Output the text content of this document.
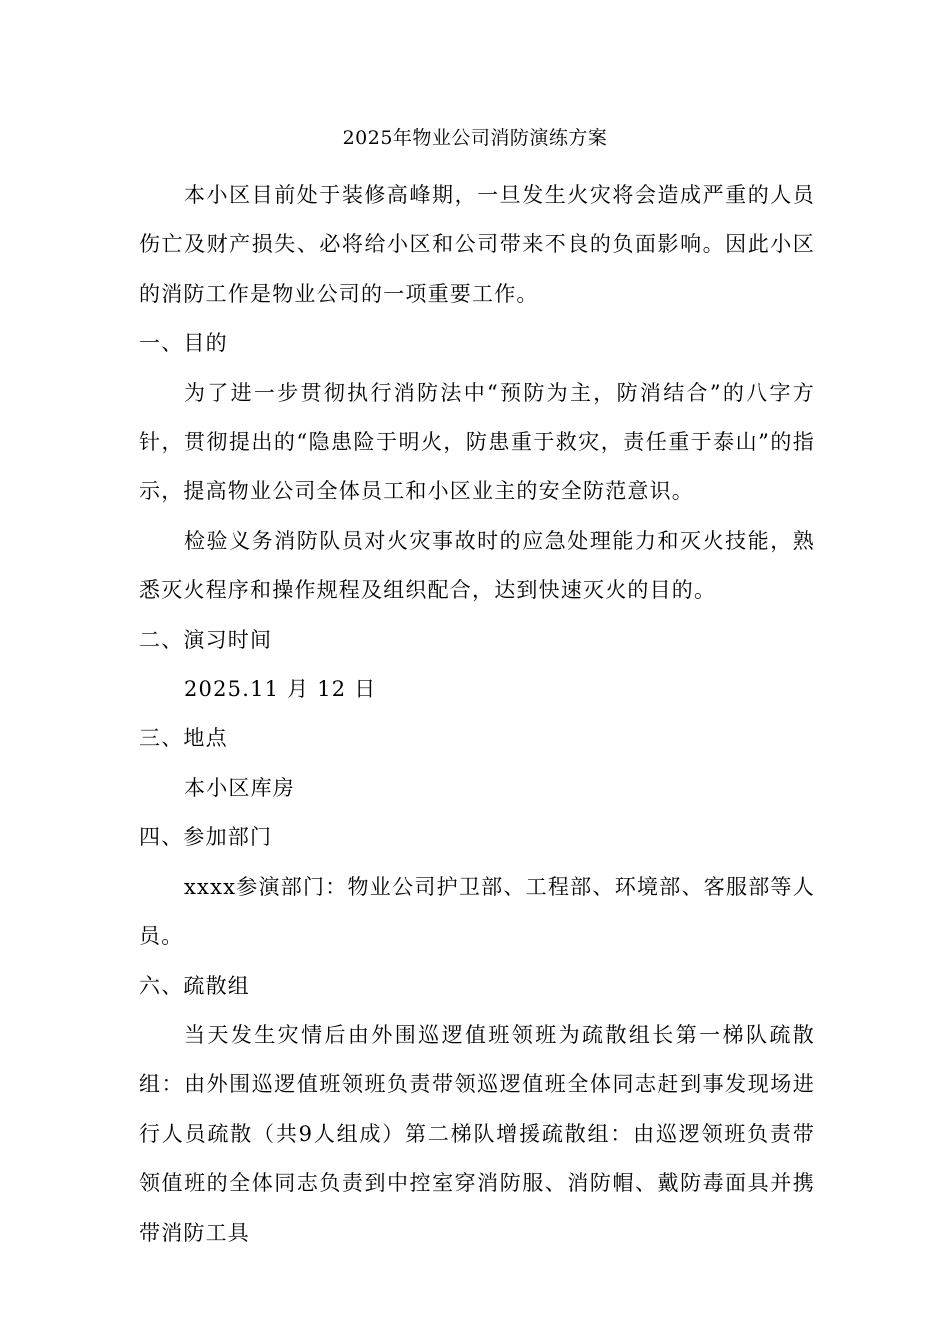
2025年物业公司消防演练方案

本小区目前处于装修高峰期，一旦发生火灾将会造成严重的人员伤亡及财产损失、必将给小区和公司带来不良的负面影响。因此小区的消防工作是物业公司的一项重要工作。

一、目的

为了进一步贯彻执行消防法中“预防为主，防消结合”的八字方针，贯彻提出的“隐患险于明火，防患重于救灾，责任重于泰山”的指示，提高物业公司全体员工和小区业主的安全防范意识。

检验义务消防队员对火灾事故时的应急处理能力和灭火技能，熟悉灭火程序和操作规程及组织配合，达到快速灭火的目的。

二、演习时间

2025.11 月 12 日

三、地点

本小区库房

四、参加部门

xxxx参演部门：物业公司护卫部、工程部、环境部、客服部等人员。

六、疏散组

当天发生灾情后由外围巡逻值班领班为疏散组长第一梯队疏散组：由外围巡逻值班领班负责带领巡逻值班全体同志赶到事发现场进行人员疏散（共9人组成）第二梯队增援疏散组：由巡逻领班负责带领值班的全体同志负责到中控室穿消防服、消防帽、戴防毒面具并携带消防工具
